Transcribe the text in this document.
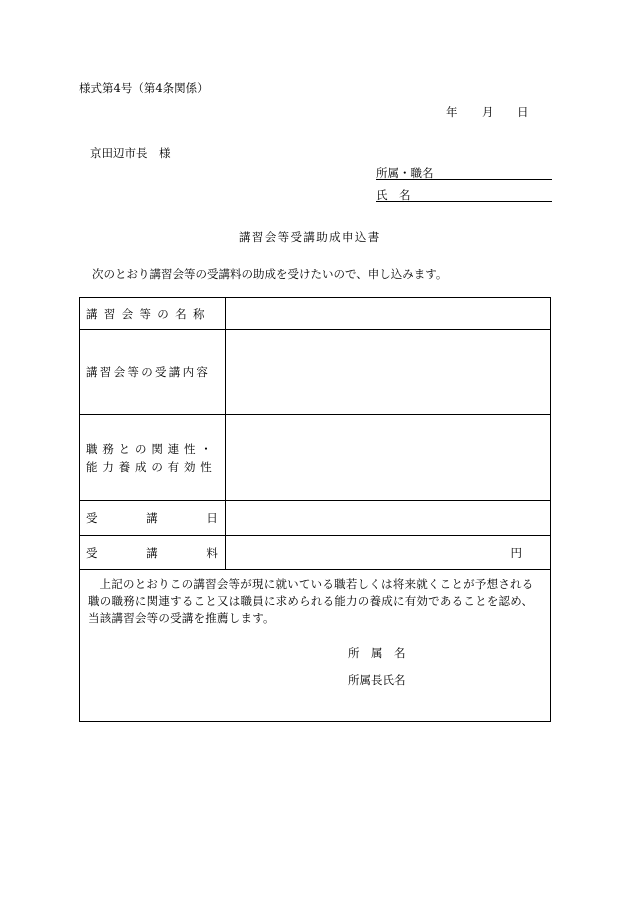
様式第4号（第4条関係）
年 月 日
京田辺市長　様
所属・職名
氏　名
講習会等受講助成申込書
次のとおり講習会等の受講料の助成を受けたいので、申し込みます。
講習会等の名称	

講習会等の受講内容	

職務との関連性・
能力養成の有効性	

受 講 日	

受 講 料	円

上記のとおりこの講習会等が現に就いている職若しくは将来就くことが予想される職の職務に関連すること又は職員に求められる能力の養成に有効であることを認め、当該講習会等の受講を推薦します。
所　属　名
所属長氏名	
